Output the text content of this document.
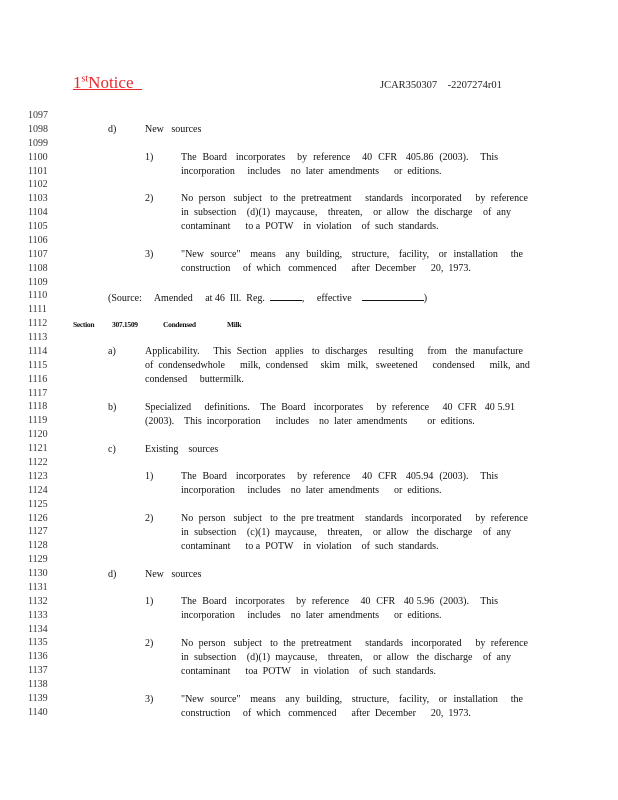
1stNotice	JCAR350307    -2207274r01
1097
1098
1099
1100
1101
1102
1103
1104
1105
1106
1107
1108
1109
1110
1111
1112
1113
1114
1115
1116
1117
1118
1119
1120
1121
1122
1123
1124
1125
1126
1127
1128
1129
1130
1131
1132
1133
1134
1135
1136
1137
1138
1139
1140
d)	New   sources
1)	The  Board   incorporates    by  reference    40  CFR   405.86  (2003).    This
incorporation     includes    no  later  amendments      or  editions.
2)	No  person   subject   to  the  pretreatment     standards   incorporated     by  reference
in  subsection    (d)(1)  maycause,    threaten,    or  allow   the  discharge    of  any
contaminant      to a  POTW    in  violation    of  such  standards.
3)	"New  source"   means   any  building,   structure,   facility,   or  installation    the
construction     of  which   commenced      after  December      20,  1973.
(Source:     Amended     at 46  Ill.  Reg.	,     effective	)
Section 307.1509	Condensed	Milk
a)	Applicability.     This  Section   applies   to  discharges    resulting     from   the  manufacture
of  condensedwhole      milk,  condensed     skim   milk,   sweetened      condensed      milk,  and
condensed     buttermilk.
b)	Specialized     definitions.    The  Board   incorporates     by  reference     40  CFR   40 5.91
(2003).    This  incorporation      includes    no  later  amendments        or  editions.
c)	Existing    sources
1)	The  Board   incorporates    by  reference    40  CFR   405.94  (2003).    This
incorporation     includes    no  later  amendments      or  editions.
2)	No  person   subject   to  the  pre treatment    standards   incorporated     by  reference
in  subsection    (c)(1)  maycause,    threaten,    or  allow   the  discharge    of  any
contaminant      to a  POTW    in  violation    of  such  standards.
d)	New   sources
1)	The  Board   incorporates    by  reference    40  CFR   40 5.96  (2003).    This
incorporation     includes    no  later  amendments      or  editions.
2)	No  person   subject   to  the  pretreatment     standards   incorporated     by  reference
in  subsection    (d)(1)  maycause,    threaten,    or  allow   the  discharge    of  any
contaminant      toa  POTW    in  violation    of  such  standards.
3)	"New  source"   means   any  building,   structure,   facility,   or  installation    the
construction     of  which   commenced      after  December      20,  1973.
